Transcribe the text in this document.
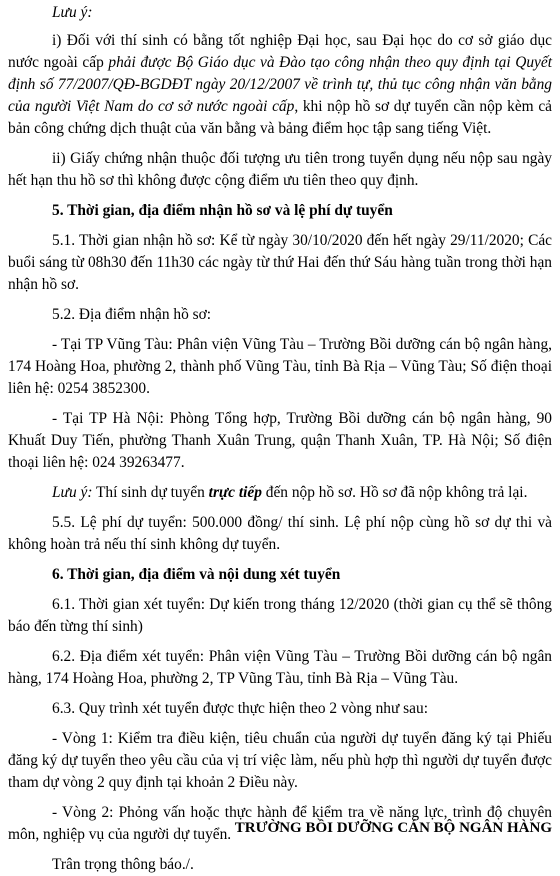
Lưu ý:

i) Đối với thí sinh có bằng tốt nghiệp Đại học, sau Đại học do cơ sở giáo dục nước ngoài cấp phải được Bộ Giáo dục và Đào tạo công nhận theo quy định tại Quyết định số 77/2007/QĐ-BGDĐT ngày 20/12/2007 về trình tự, thủ tục công nhận văn bằng của người Việt Nam do cơ sở nước ngoài cấp, khi nộp hồ sơ dự tuyển cần nộp kèm cả bản công chứng dịch thuật của văn bằng và bảng điểm học tập sang tiếng Việt.

ii) Giấy chứng nhận thuộc đối tượng ưu tiên trong tuyển dụng nếu nộp sau ngày hết hạn thu hồ sơ thì không được cộng điểm ưu tiên theo quy định.

5. Thời gian, địa điểm nhận hồ sơ và lệ phí dự tuyển

5.1. Thời gian nhận hồ sơ: Kể từ ngày 30/10/2020 đến hết ngày 29/11/2020; Các buổi sáng từ 08h30 đến 11h30 các ngày từ thứ Hai đến thứ Sáu hàng tuần trong thời hạn nhận hồ sơ.

5.2. Địa điểm nhận hồ sơ:

- Tại TP Vũng Tàu: Phân viện Vũng Tàu – Trường Bồi dưỡng cán bộ ngân hàng, 174 Hoàng Hoa, phường 2, thành phố Vũng Tàu, tỉnh Bà Rịa – Vũng Tàu; Số điện thoại liên hệ: 0254 3852300.

- Tại TP Hà Nội: Phòng Tổng hợp, Trường Bồi dưỡng cán bộ ngân hàng, 90 Khuất Duy Tiến, phường Thanh Xuân Trung, quận Thanh Xuân, TP. Hà Nội; Số điện thoại liên hệ: 024 39263477.

Lưu ý: Thí sinh dự tuyển trực tiếp đến nộp hồ sơ. Hồ sơ đã nộp không trả lại.

5.5. Lệ phí dự tuyển: 500.000 đồng/ thí sinh. Lệ phí nộp cùng hồ sơ dự thi và không hoàn trả nếu thí sinh không dự tuyển.

6. Thời gian, địa điểm và nội dung xét tuyển

6.1. Thời gian xét tuyển: Dự kiến trong tháng 12/2020 (thời gian cụ thể sẽ thông báo đến từng thí sinh)

6.2. Địa điểm xét tuyển: Phân viện Vũng Tàu – Trường Bồi dưỡng cán bộ ngân hàng, 174 Hoàng Hoa, phường 2, TP Vũng Tàu, tỉnh Bà Rịa – Vũng Tàu.

6.3. Quy trình xét tuyển được thực hiện theo 2 vòng như sau:

- Vòng 1: Kiểm tra điều kiện, tiêu chuẩn của người dự tuyển đăng ký tại Phiếu đăng ký dự tuyển theo yêu cầu của vị trí việc làm, nếu phù hợp thì người dự tuyển được tham dự vòng 2 quy định tại khoản 2 Điều này.

- Vòng 2: Phỏng vấn hoặc thực hành để kiểm tra về năng lực, trình độ chuyên môn, nghiệp vụ của người dự tuyển.

Trân trọng thông báo./.

TRƯỜNG BỒI DƯỠNG CÁN BỘ NGÂN HÀNG
